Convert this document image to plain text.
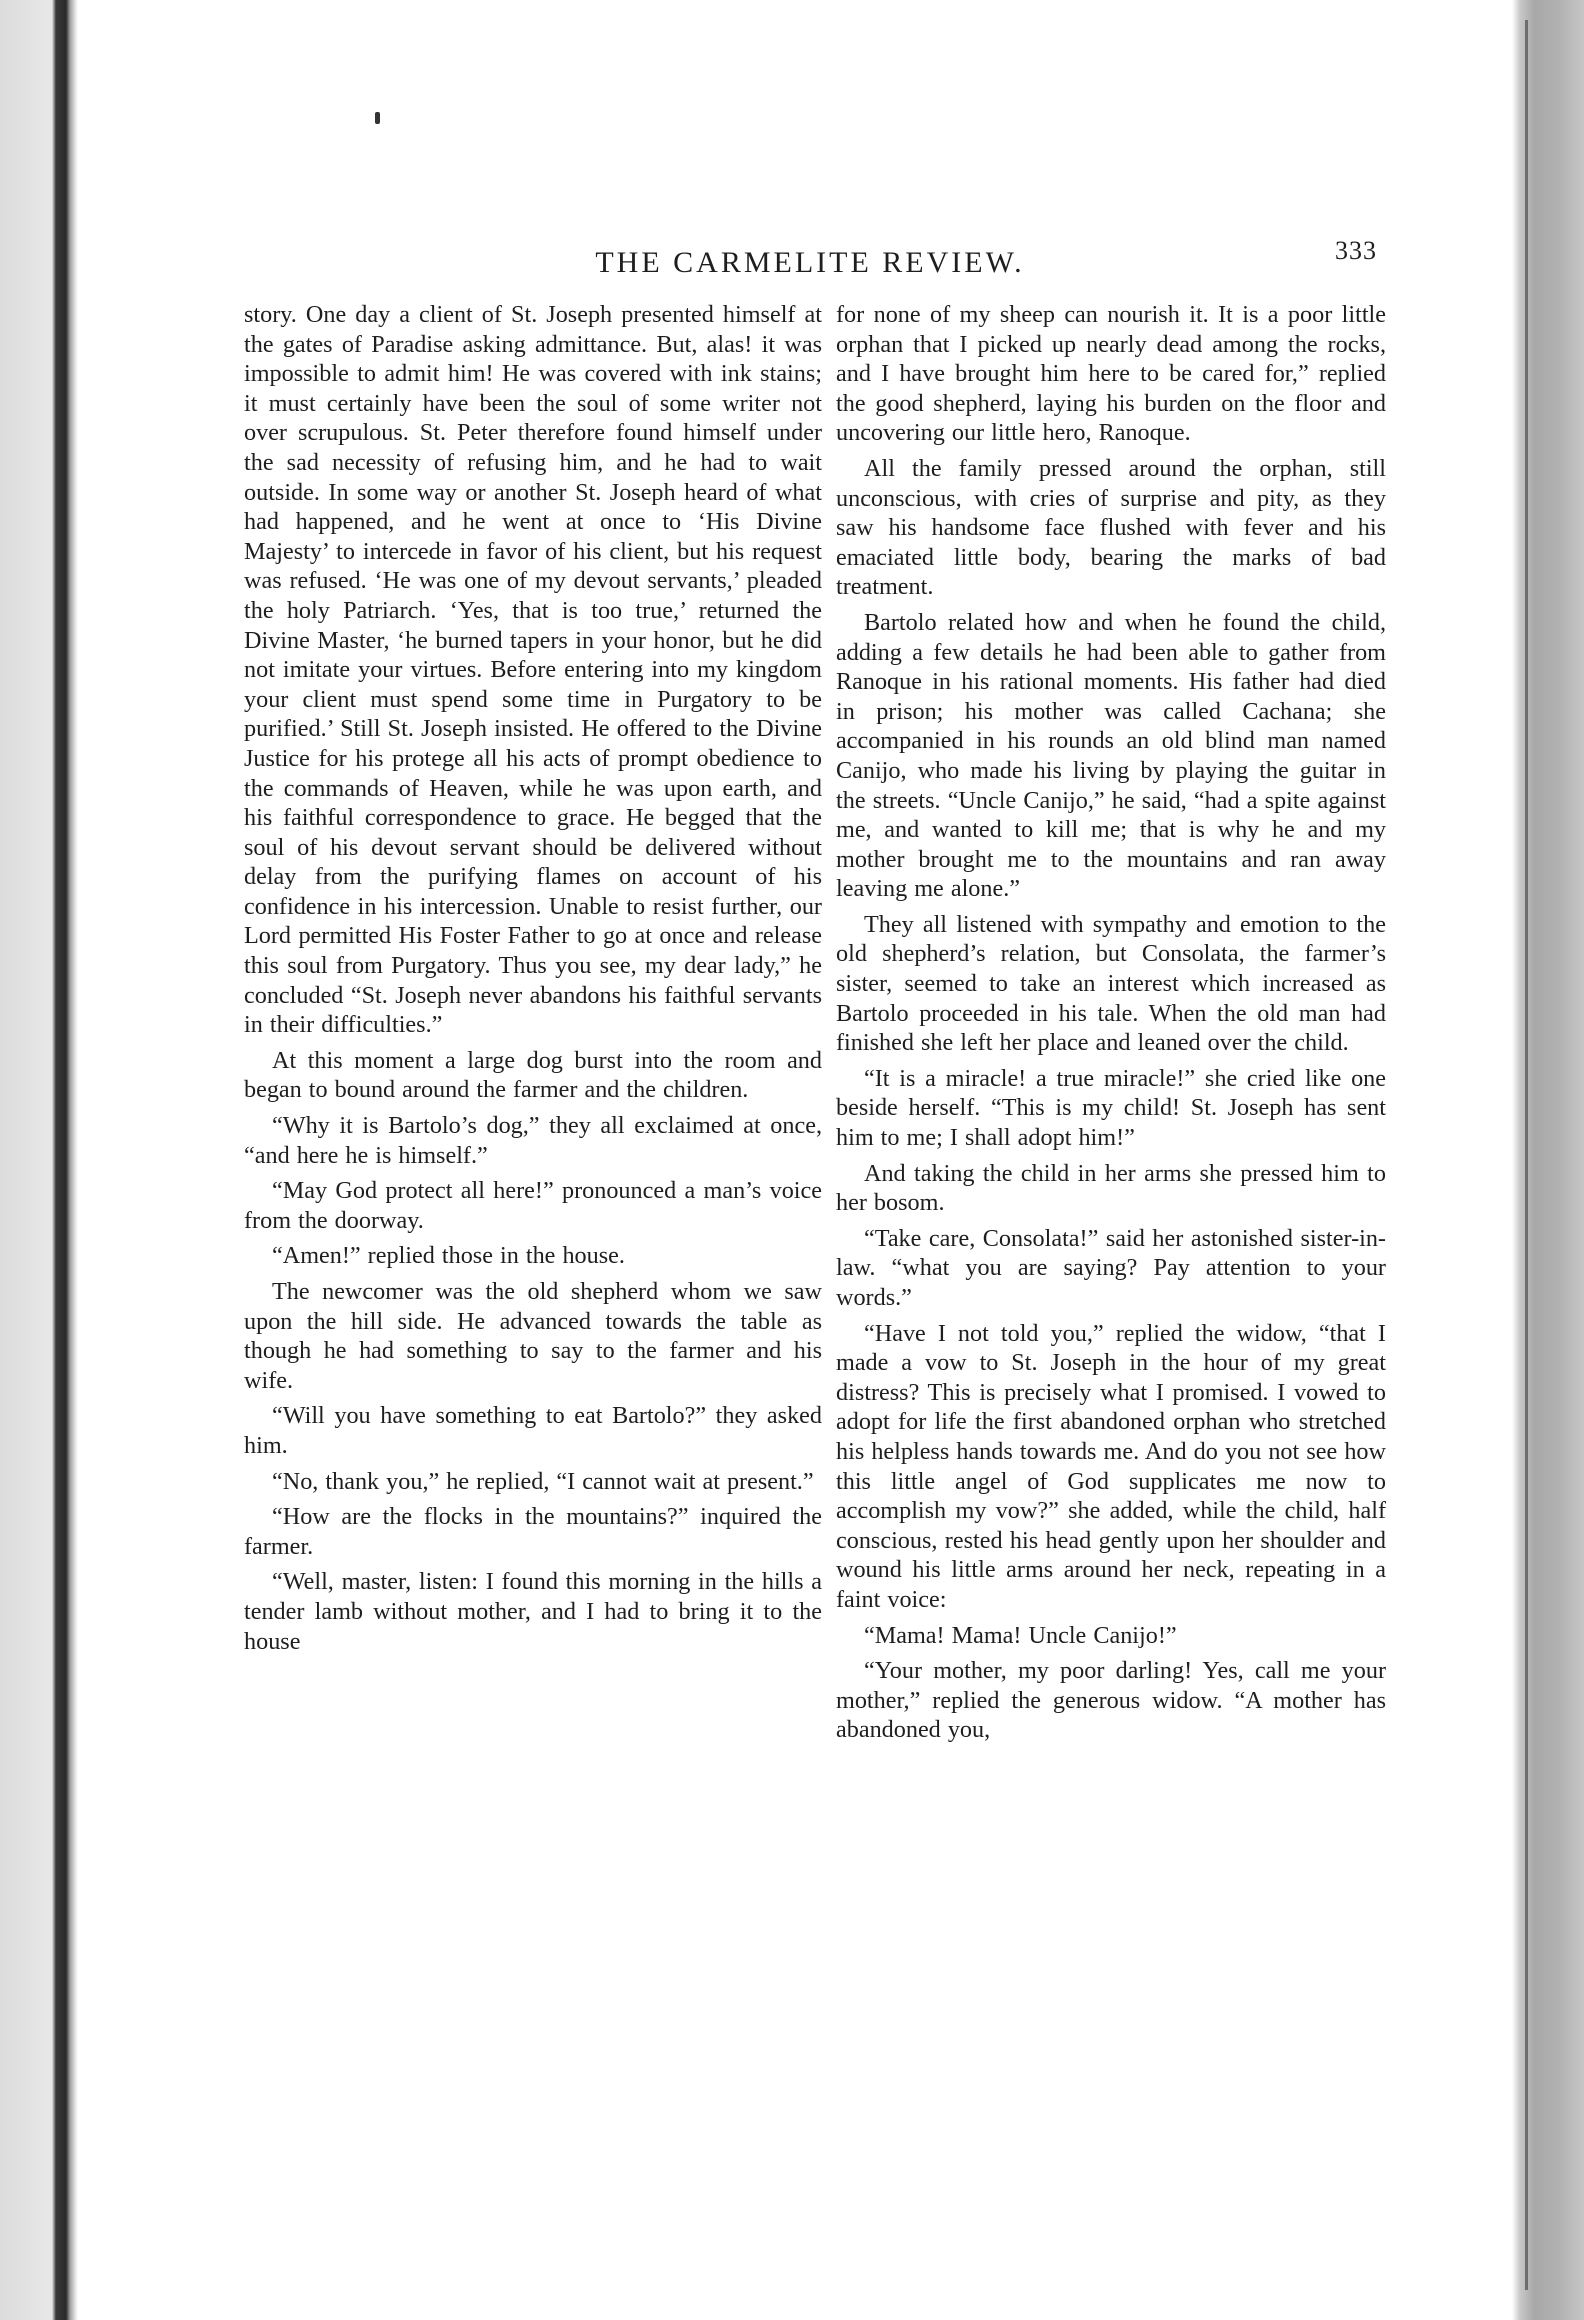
THE CARMELITE REVIEW.	333

story. One day a client of St. Joseph presented himself at the gates of Paradise asking admittance. But, alas! it was impossible to admit him! He was covered with ink stains; it must certainly have been the soul of some writer not over scrupulous. St. Peter therefore found himself under the sad necessity of refusing him, and he had to wait outside. In some way or another St. Joseph heard of what had happened, and he went at once to ‘His Divine Majesty’ to intercede in favor of his client, but his request was refused. ‘He was one of my devout servants,’ pleaded the holy Patriarch. ‘Yes, that is too true,’ returned the Divine Master, ‘he burned tapers in your honor, but he did not imitate your virtues. Before entering into my kingdom your client must spend some time in Purgatory to be purified.’ Still St. Joseph insisted. He offered to the Divine Justice for his protege all his acts of prompt obedience to the commands of Heaven, while he was upon earth, and his faithful correspondence to grace. He begged that the soul of his devout servant should be delivered without delay from the purifying flames on account of his confidence in his intercession. Unable to resist further, our Lord permitted His Foster Father to go at once and release this soul from Purgatory. Thus you see, my dear lady,” he concluded “St. Joseph never abandons his faithful servants in their difficulties.”

At this moment a large dog burst into the room and began to bound around the farmer and the children.

“Why it is Bartolo’s dog,” they all exclaimed at once, “and here he is himself.”

“May God protect all here!” pronounced a man’s voice from the doorway.

“Amen!” replied those in the house.

The newcomer was the old shepherd whom we saw upon the hill side. He advanced towards the table as though he had something to say to the farmer and his wife.

“Will you have something to eat Bartolo?” they asked him.

“No, thank you,” he replied, “I cannot wait at present.”

“How are the flocks in the mountains?” inquired the farmer.

“Well, master, listen: I found this morning in the hills a tender lamb without mother, and I had to bring it to the house

for none of my sheep can nourish it. It is a poor little orphan that I picked up nearly dead among the rocks, and I have brought him here to be cared for,” replied the good shepherd, laying his burden on the floor and uncovering our little hero, Ranoque.

All the family pressed around the orphan, still unconscious, with cries of surprise and pity, as they saw his handsome face flushed with fever and his emaciated little body, bearing the marks of bad treatment.

Bartolo related how and when he found the child, adding a few details he had been able to gather from Ranoque in his rational moments. His father had died in prison; his mother was called Cachana; she accompanied in his rounds an old blind man named Canijo, who made his living by playing the guitar in the streets. “Uncle Canijo,” he said, “had a spite against me, and wanted to kill me; that is why he and my mother brought me to the mountains and ran away leaving me alone.”

They all listened with sympathy and emotion to the old shepherd’s relation, but Consolata, the farmer’s sister, seemed to take an interest which increased as Bartolo proceeded in his tale. When the old man had finished she left her place and leaned over the child.

“It is a miracle! a true miracle!” she cried like one beside herself. “This is my child! St. Joseph has sent him to me; I shall adopt him!”

And taking the child in her arms she pressed him to her bosom.

“Take care, Consolata!” said her astonished sister-in-law. “what you are saying? Pay attention to your words.”

“Have I not told you,” replied the widow, “that I made a vow to St. Joseph in the hour of my great distress? This is precisely what I promised. I vowed to adopt for life the first abandoned orphan who stretched his helpless hands towards me. And do you not see how this little angel of God supplicates me now to accomplish my vow?” she added, while the child, half conscious, rested his head gently upon her shoulder and wound his little arms around her neck, repeating in a faint voice:

“Mama! Mama! Uncle Canijo!”

“Your mother, my poor darling! Yes, call me your mother,” replied the generous widow. “A mother has abandoned you,
